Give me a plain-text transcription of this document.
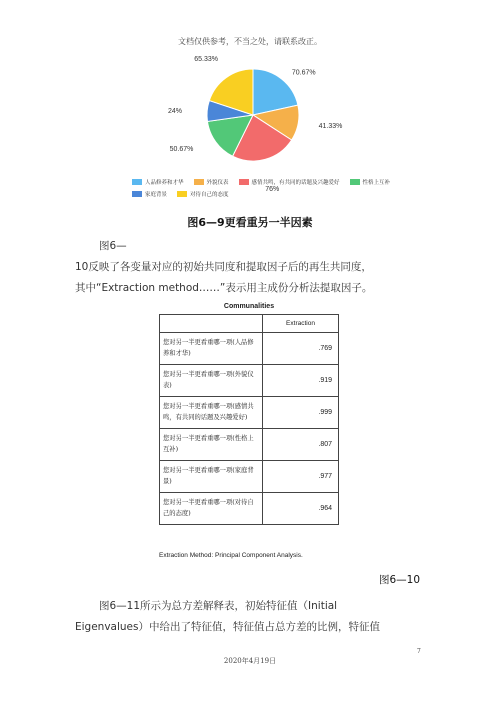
文档仅供参考，不当之处，请联系改正。
70.67%
41.33%
76%
50.67%
24%
65.33%
人品修养和才华	外貌仪表	感情共鸣，有共同的话题及兴趣爱好	性格上互补
家庭背景	对待自己的态度
图6—9更看重另一半因素
图6—
10反映了各变量对应的初始共同度和提取因子后的再生共同度，
其中“Extraction method……”表示用主成份分析法提取因子。
Communalities
	Extraction
您对另一半更看重哪一项(人品修养和才华)	.769
您对另一半更看重哪一项(外貌仪表)	.919
您对另一半更看重哪一项(感情共鸣，有共同的话题及兴趣爱好)	.999
您对另一半更看重哪一项(性格上互补)	.807
您对另一半更看重哪一项(家庭背景)	.977
您对另一半更看重哪一项(对待自己的态度)	.964
Extraction Method: Principal Component Analysis.
图6—10
图6—11所示为总方差解释表，初始特征值（Initial
Eigenvalues）中给出了特征值，特征值占总方差的比例，特征值
7
2020年4月19日
